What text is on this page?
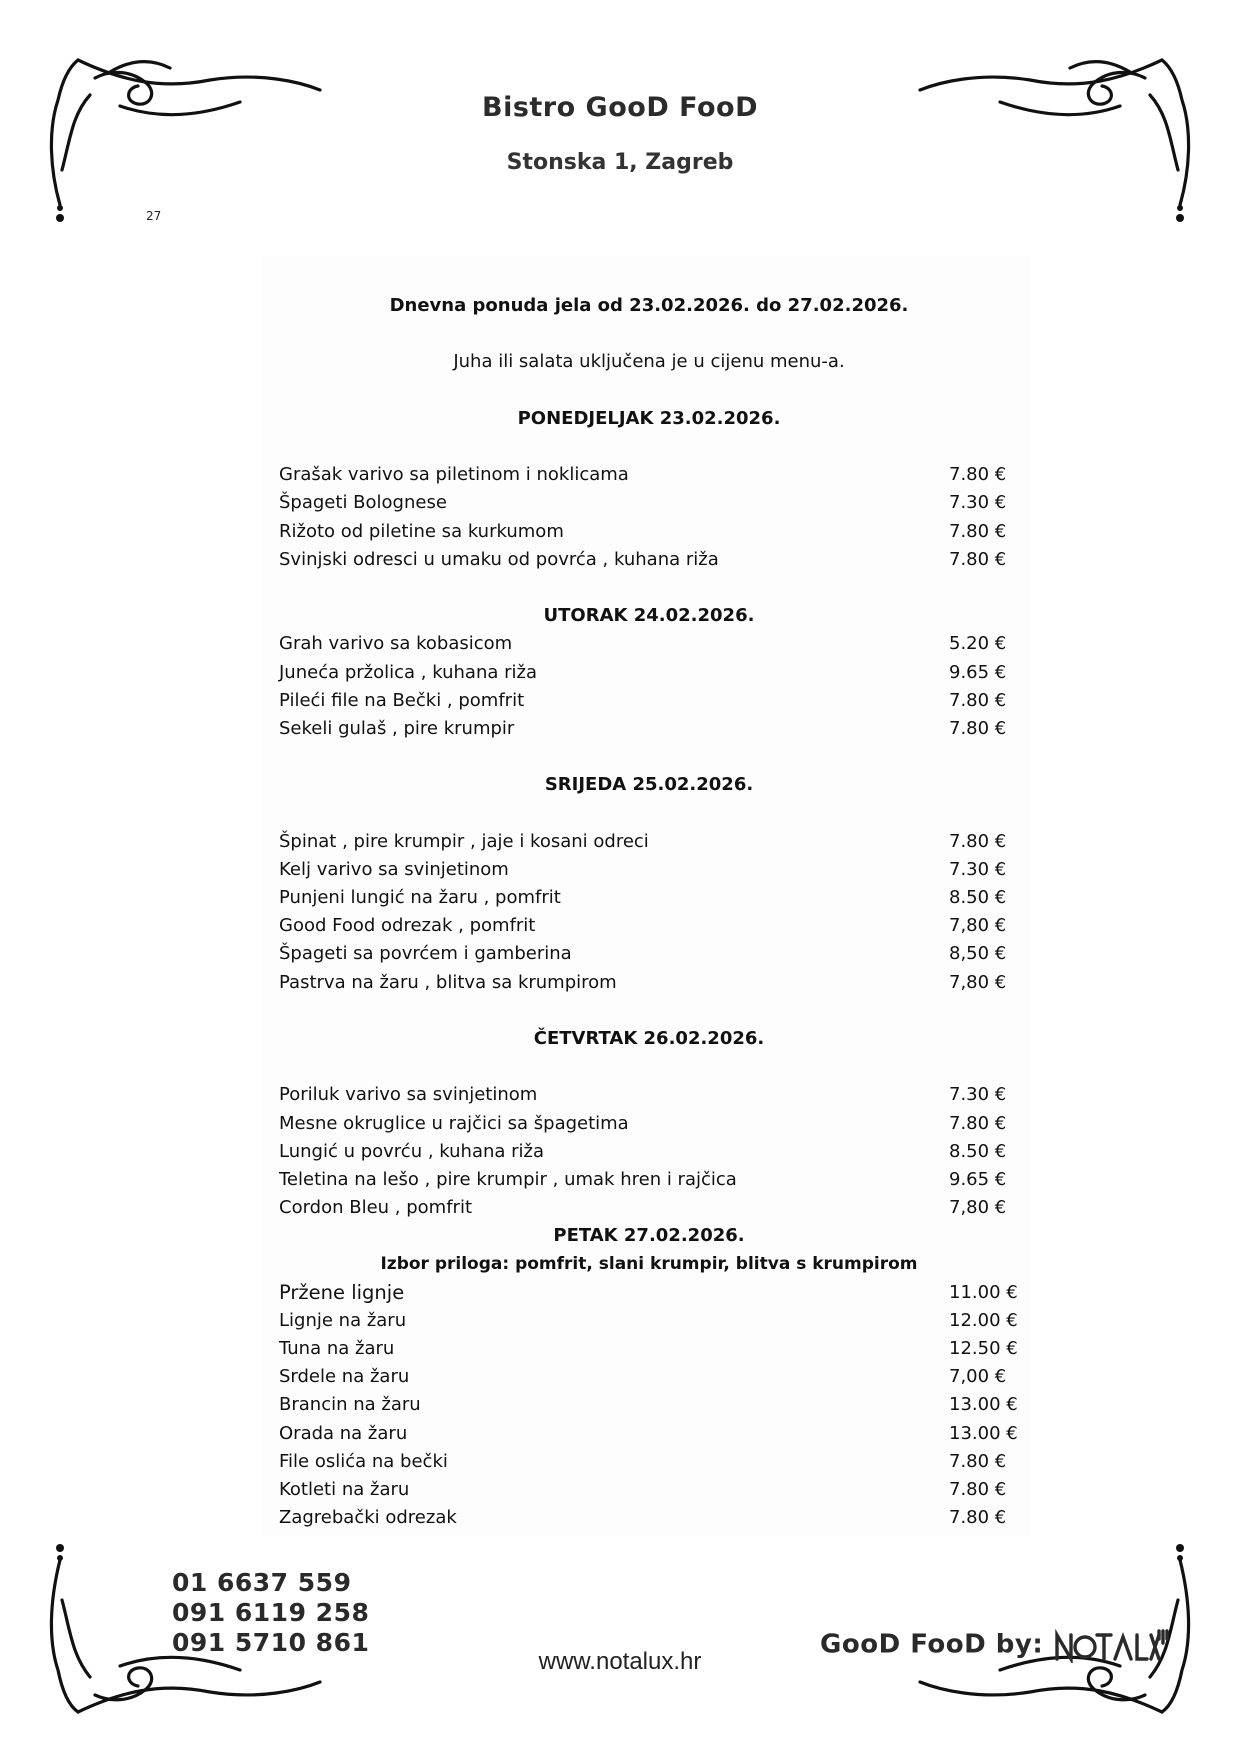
Bistro GooD FooD
Stonska 1, Zagreb
27
Dnevna ponuda jela od 23.02.2026. do 27.02.2026.
Juha ili salata uključena je u cijenu menu-a.
PONEDJELJAK 23.02.2026.
Grašak varivo sa piletinom i noklicama	7.80 €
Špageti Bolognese	7.30 €
Rižoto od piletine sa kurkumom	7.80 €
Svinjski odresci u umaku od povrća , kuhana riža	7.80 €
UTORAK 24.02.2026.
Grah varivo sa kobasicom	5.20 €
Juneća pržolica , kuhana riža	9.65 €
Pileći file na Bečki , pomfrit	7.80 €
Sekeli gulaš , pire krumpir	7.80 €
SRIJEDA 25.02.2026.
Špinat , pire krumpir , jaje i kosani odreci	7.80 €
Kelj varivo sa svinjetinom	7.30 €
Punjeni lungić na žaru , pomfrit	8.50 €
Good Food odrezak , pomfrit	7,80 €
Špageti sa povrćem i gamberina	8,50 €
Pastrva na žaru , blitva sa krumpirom	7,80 €
ČETVRTAK 26.02.2026.
Poriluk varivo sa svinjetinom	7.30 €
Mesne okruglice u rajčici sa špagetima	7.80 €
Lungić u povrću , kuhana riža	8.50 €
Teletina na lešo , pire krumpir , umak hren i rajčica	9.65 €
Cordon Bleu , pomfrit	7,80 €
PETAK 27.02.2026.
Izbor priloga: pomfrit, slani krumpir, blitva s krumpirom
Pržene lignje	11.00 €
Lignje na žaru	12.00 €
Tuna na žaru	12.50 €
Srdele na žaru	7,00 €
Brancin na žaru	13.00 €
Orada na žaru	13.00 €
File oslića na bečki	7.80 €
Kotleti na žaru	7.80 €
Zagrebački odrezak	7.80 €
01 6637 559
091 6119 258
091 5710 861
www.notalux.hr
GooD FooD by:
